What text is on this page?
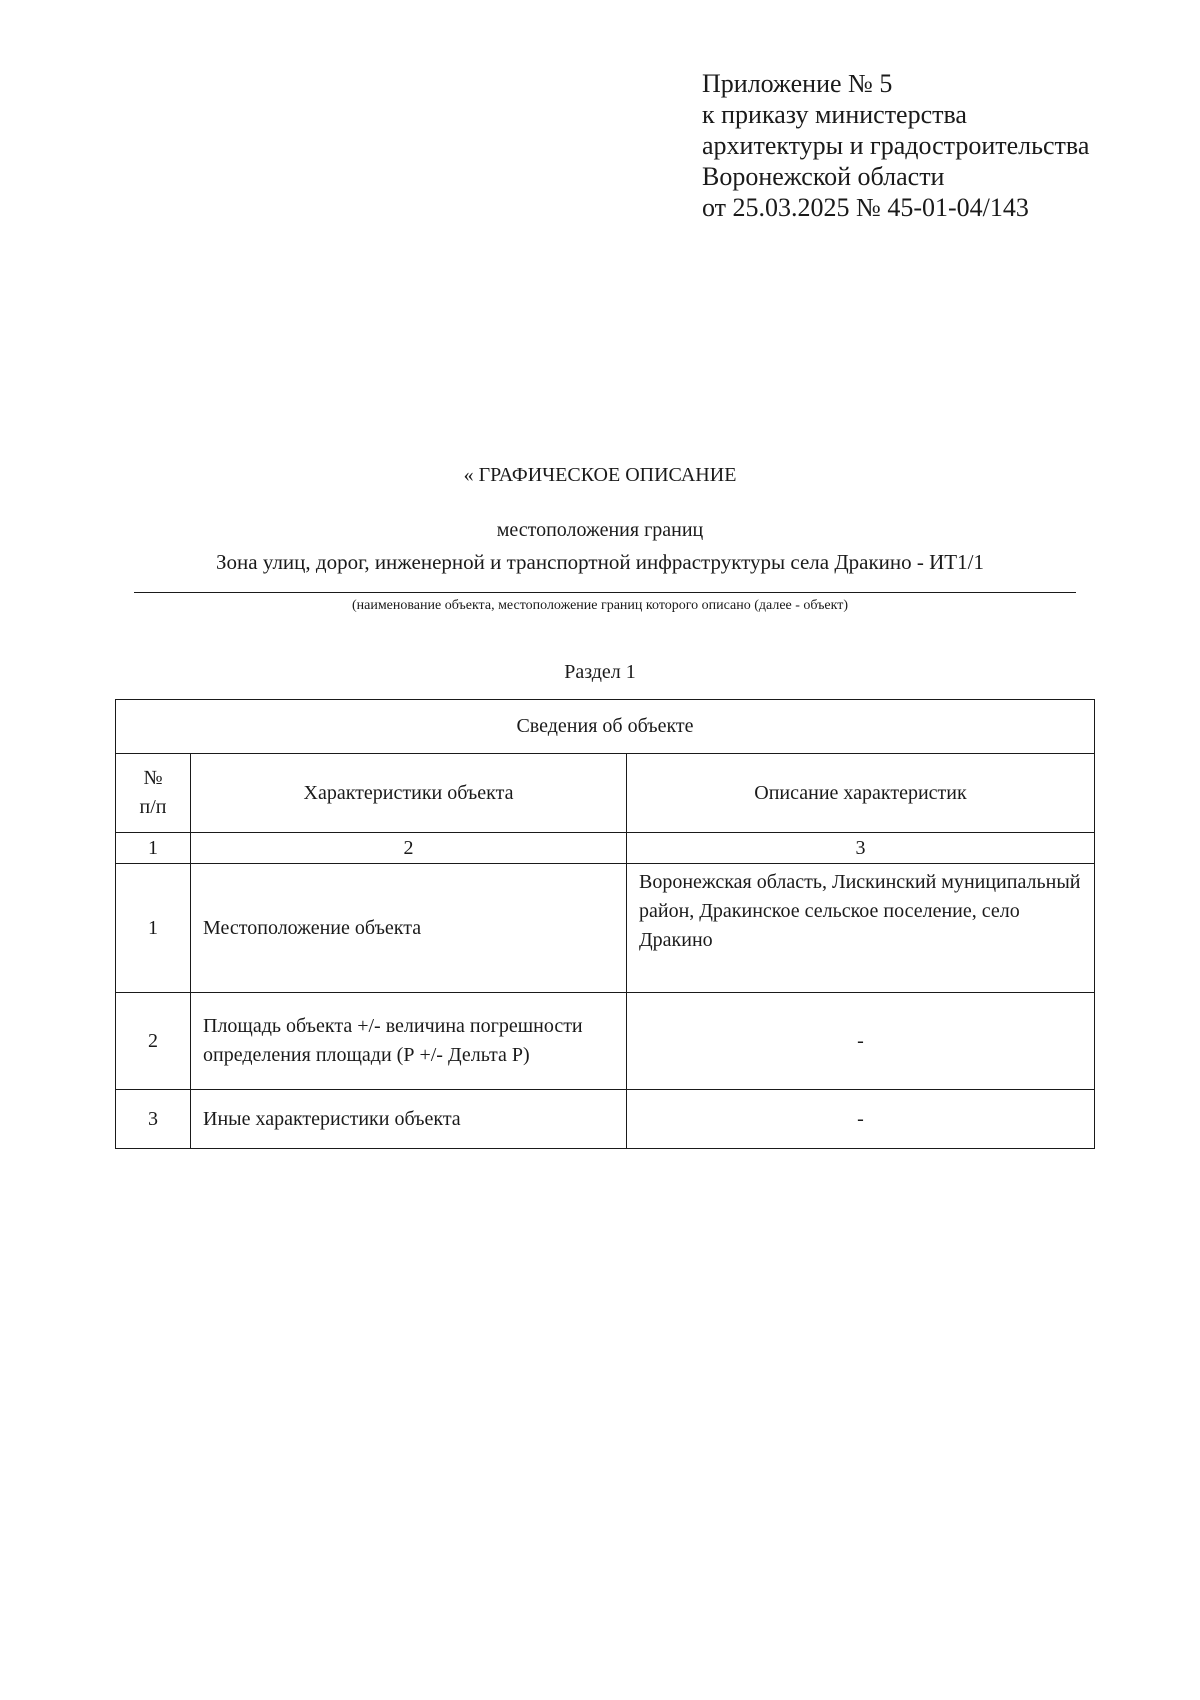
Приложение № 5
к приказу министерства
архитектуры и градостроительства
Воронежской области
от 25.03.2025 № 45-01-04/143
« ГРАФИЧЕСКОЕ ОПИСАНИЕ
местоположения границ
Зона улиц, дорог, инженерной и транспортной инфраструктуры села Дракино - ИТ1/1
(наименование объекта, местоположение границ которого описано (далее - объект)
Раздел 1
Сведения об объекте		
№
п/п	Характеристики объекта	Описание характеристик
1	2	3
1	Местоположение объекта	Воронежская область, Лискинский муниципальный район, Дракинское сельское поселение, село Дракино
2	Площадь объекта +/- величина погрешности определения площади (Р +/- Дельта Р)	-
3	Иные характеристики объекта	-
